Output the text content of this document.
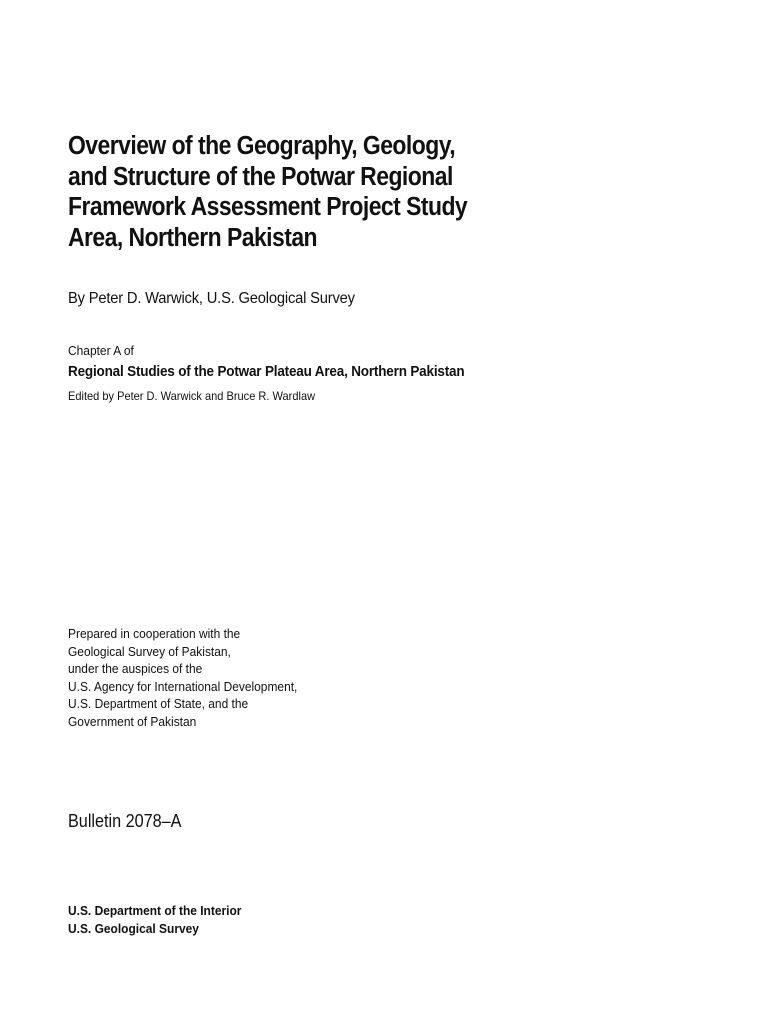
Overview of the Geography, Geology,
and Structure of the Potwar Regional
Framework Assessment Project Study
Area, Northern Pakistan
By Peter D. Warwick, U.S. Geological Survey
Chapter A of
Regional Studies of the Potwar Plateau Area, Northern Pakistan
Edited by Peter D. Warwick and Bruce R. Wardlaw
Prepared in cooperation with the
Geological Survey of Pakistan,
under the auspices of the
U.S. Agency for International Development,
U.S. Department of State, and the
Government of Pakistan
Bulletin 2078–A
U.S. Department of the Interior
U.S. Geological Survey
